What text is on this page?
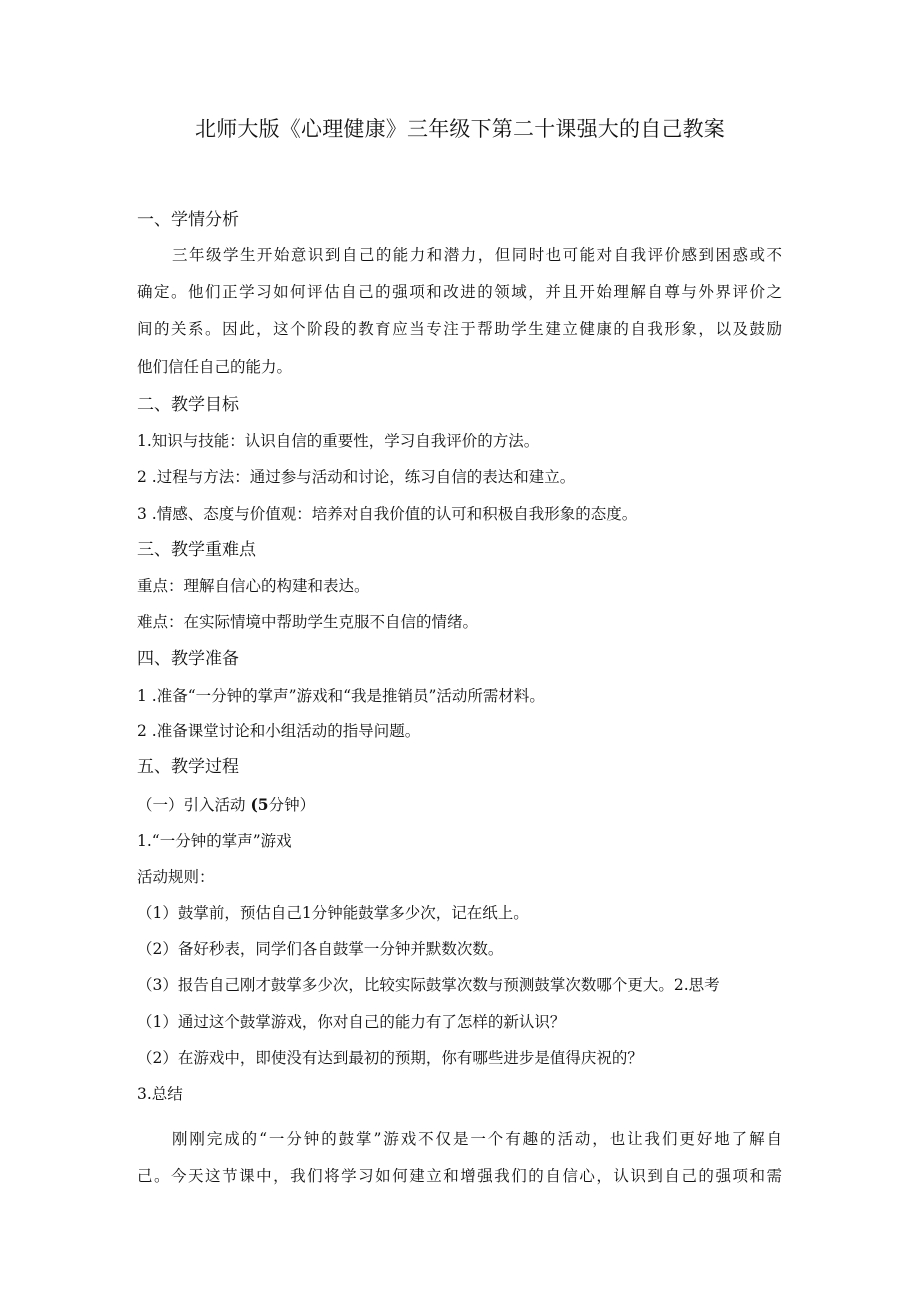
北师大版《心理健康》三年级下第二十课强大的自己教案
一、学情分析
三年级学生开始意识到自己的能力和潜力，但同时也可能对自我评价感到困惑或不
确定。他们正学习如何评估自己的强项和改进的领域，并且开始理解自尊与外界评价之
间的关系。因此，这个阶段的教育应当专注于帮助学生建立健康的自我形象，以及鼓励
他们信任自己的能力。
二、教学目标
1.知识与技能：认识自信的重要性，学习自我评价的方法。
2 .过程与方法：通过参与活动和讨论，练习自信的表达和建立。
3 .情感、态度与价值观：培养对自我价值的认可和积极自我形象的态度。
三、教学重难点
重点：理解自信心的构建和表达。
难点：在实际情境中帮助学生克服不自信的情绪。
四、教学准备
1 .准备“一分钟的掌声”游戏和“我是推销员”活动所需材料。
2 .准备课堂讨论和小组活动的指导问题。
五、教学过程
（一）引入活动 (5分钟）
1.“一分钟的掌声”游戏
活动规则：
（1）鼓掌前，预估自己1分钟能鼓掌多少次，记在纸上。
（2）备好秒表，同学们各自鼓掌一分钟并默数次数。
（3）报告自己刚才鼓掌多少次，比较实际鼓掌次数与预测鼓掌次数哪个更大。2.思考
（1）通过这个鼓掌游戏，你对自己的能力有了怎样的新认识？
（2）在游戏中，即使没有达到最初的预期，你有哪些进步是值得庆祝的？
3.总结
刚刚完成的“一分钟的鼓掌”游戏不仅是一个有趣的活动，也让我们更好地了解自
己。今天这节课中，我们将学习如何建立和增强我们的自信心，认识到自己的强项和需
